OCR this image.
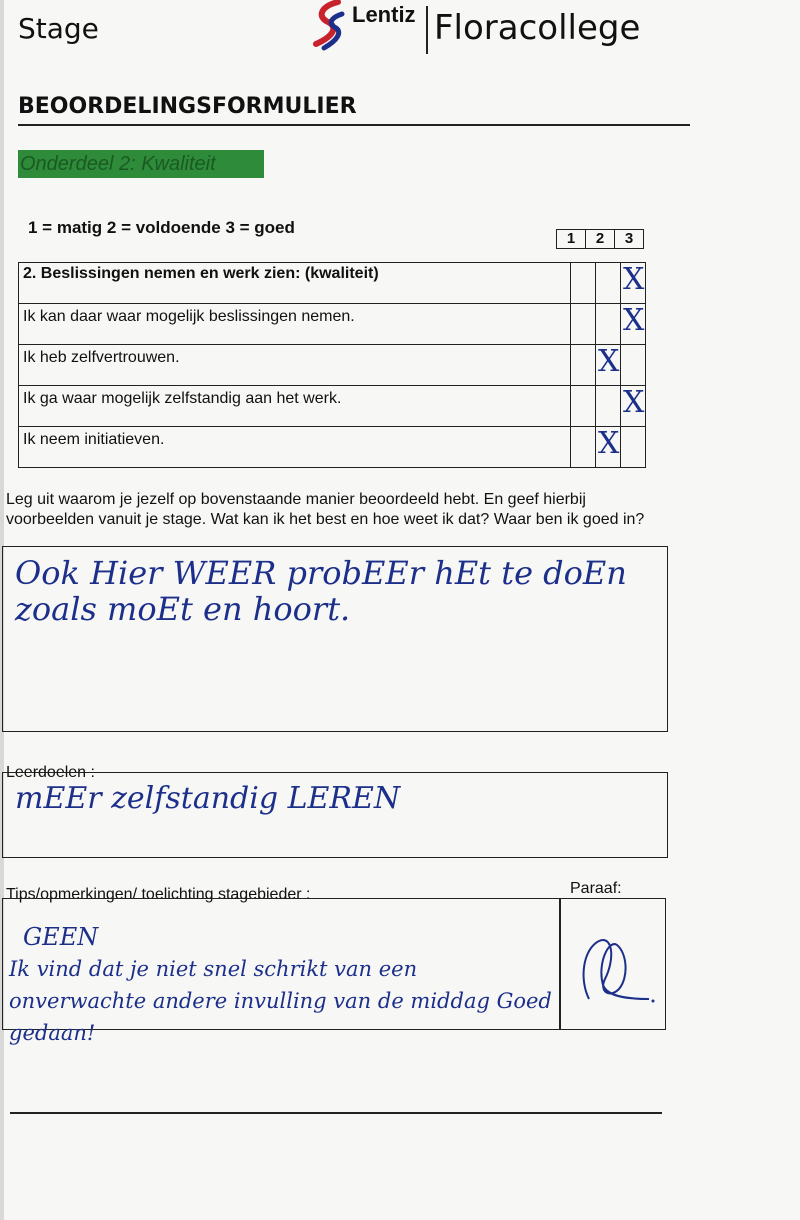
Stage	Lentiz Floracollege
BEOORDELINGSFORMULIER
Onderdeel 2: Kwaliteit
1 = matig 2 = voldoende 3 = goed
1	2	3
2. Beslissingen nemen en werk zien: (kwaliteit)			X

Ik kan daar waar mogelijk beslissingen nemen.			X

Ik heb zelfvertrouwen.		X	

Ik ga waar mogelijk zelfstandig aan het werk.			X

Ik neem initiatieven.		X	

Leg uit waarom je jezelf op bovenstaande manier beoordeeld hebt. En geef hierbij voorbeelden vanuit je stage. Wat kan ik het best en hoe weet ik dat? Waar ben ik goed in?
Ook Hier WEER probEEr hEt te doEn
zoals moEt en hoort.
Leerdoelen :
mEEr zelfstandig LEREN
Tips/opmerkingen/ toelichting stagebieder :	Paraaf:
GEEN
Ik vind dat je niet snel schrikt van een onverwachte andere invulling van de middag Goed gedaan!
